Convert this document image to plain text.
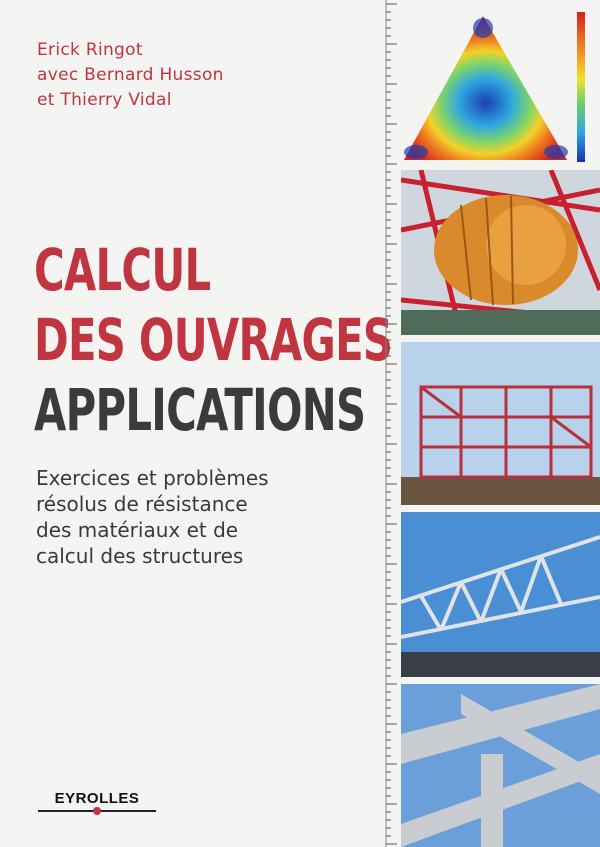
Erick Ringot
avec Bernard Husson
et Thierry Vidal
CALCUL
DES OUVRAGES
APPLICATIONS
Exercices et problèmes
résolus de résistance
des matériaux et de
calcul des structures
EYROLLES
